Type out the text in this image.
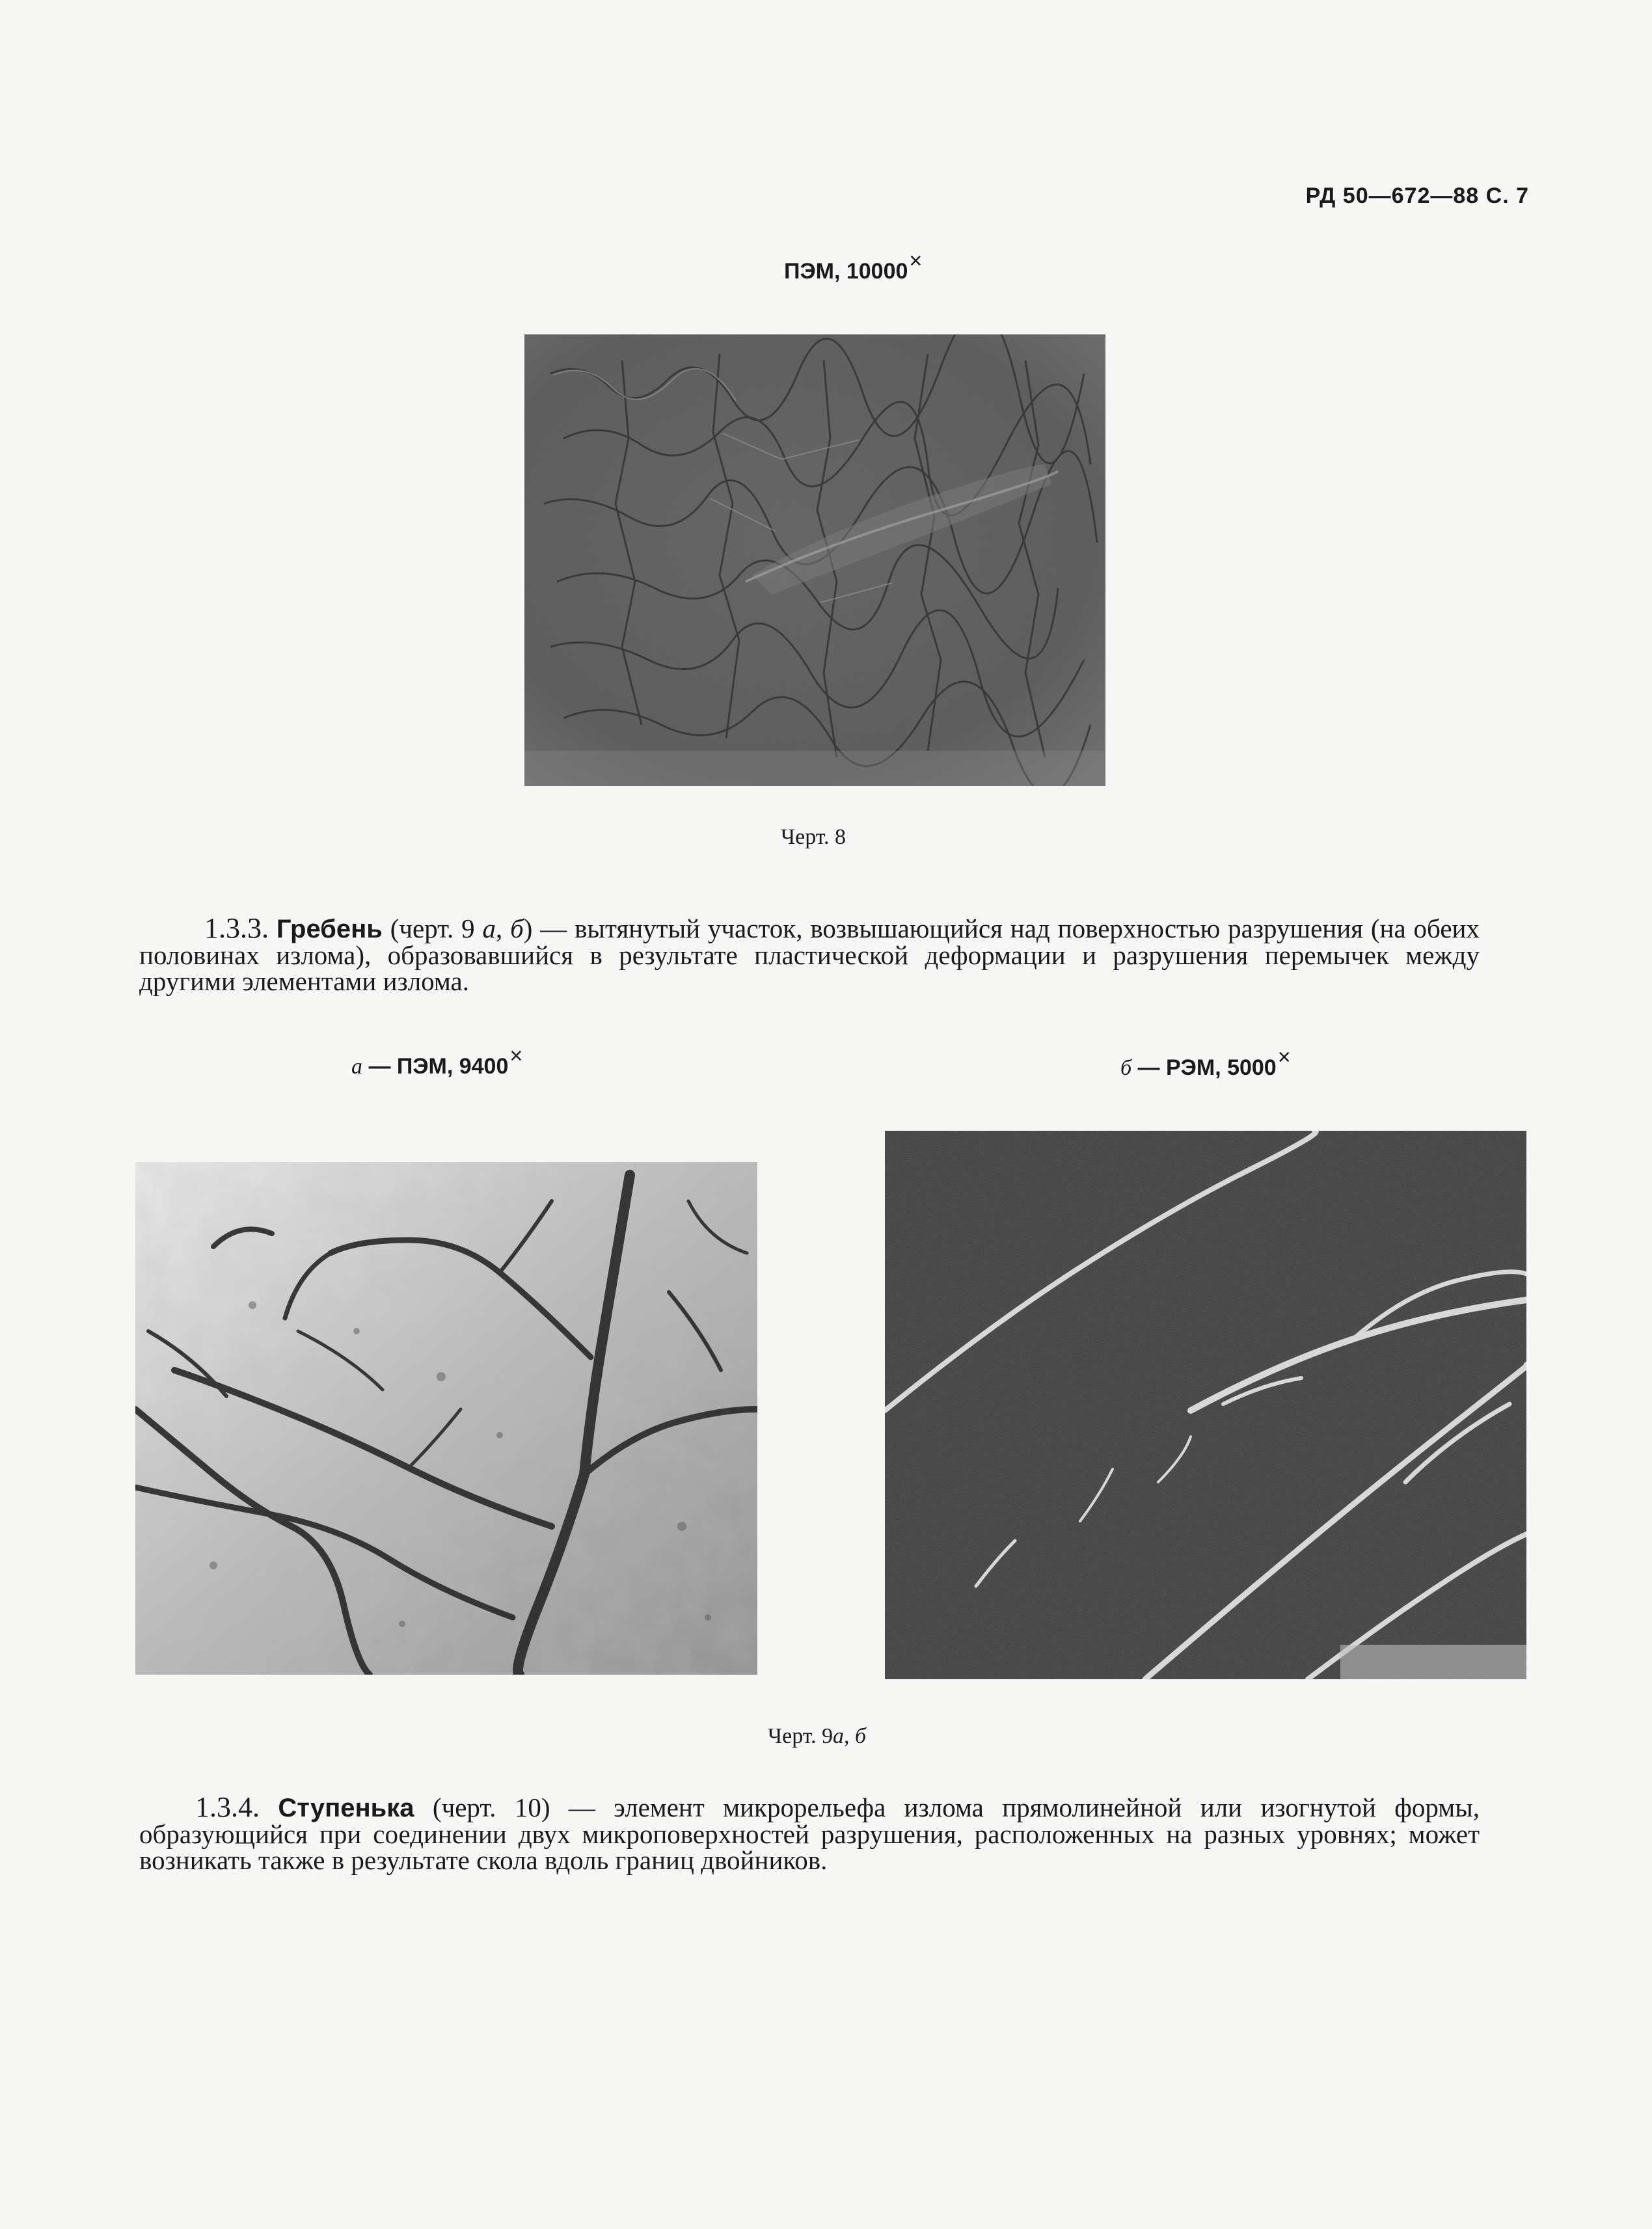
РД 50—672—88 С. 7
ПЭМ, 10000×
Черт. 8
1.3.3. Гребень (черт. 9 а, б) — вытянутый участок, возвышающийся над поверхностью разрушения (на обеих половинах излома), образовавшийся в результате пластической деформации и разрушения перемычек между другими элементами излома.
а — ПЭМ, 9400×	б — РЭМ, 5000×
Черт. 9а, б
1.3.4. Ступенька (черт. 10) — элемент микрорельефа излома прямолинейной или изогнутой формы, образующийся при соединении двух микроповерхностей разрушения, расположенных на разных уровнях; может возникать также в результате скола вдоль границ двойников.
